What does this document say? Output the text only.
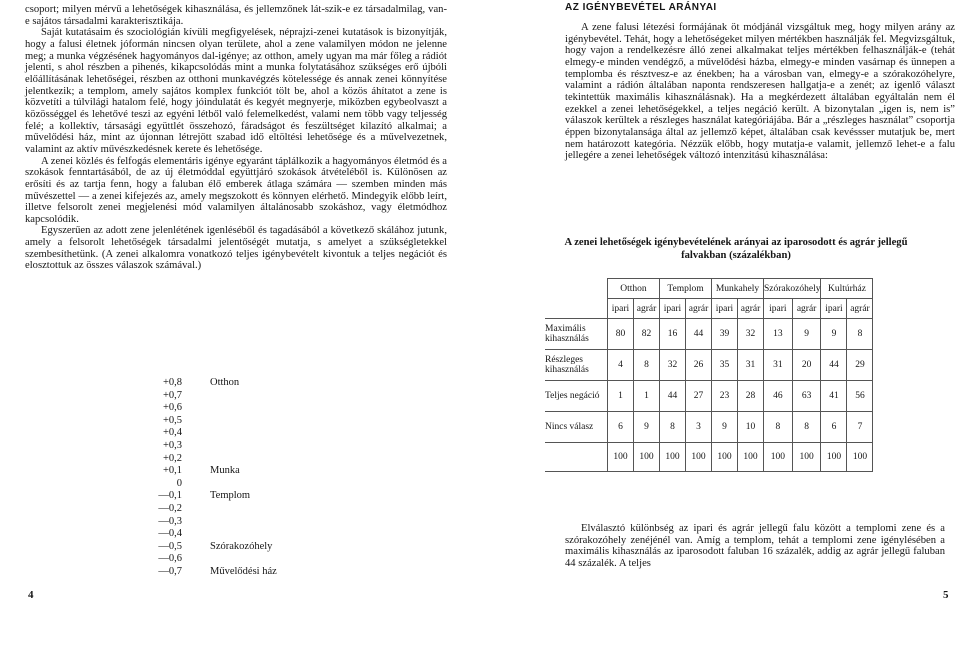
csoport; milyen mérvű a lehetőségek kihasználása, és jellemzőnek lát-szik-e ez társadalmilag, van-e sajátos társadalmi karakterisztikája.

Saját kutatásaim és szociológián kívüli megfigyelések, néprajzi-zenei kutatások is bizonyítják, hogy a falusi életnek jóformán nincsen olyan területe, ahol a zene valamilyen módon ne jelenne meg; a munka végzésének hagyományos dal-igénye; az otthon, amely ugyan ma már főleg a rádiót jelenti, s ahol részben a pihenés, kikapcsolódás mint a munka folytatásához szükséges erő újbóli előállításának lehetőségei, részben az otthoni munkavégzés kötelessége és annak zenei könnyítése jelentkezik; a templom, amely sajátos komplex funkciót tölt be, ahol a közös áhítatot a zene is közvetíti a túlvilági hatalom felé, hogy jóindulatát és kegyét megnyerje, miközben egybeolvaszt a közösséggel és lehetővé teszi az egyéni létből való felemelkedést, valami nem több vagy teljesség felé; a kollektív, társasági együttlét összehozó, fáradságot és feszültséget kilazító alkalmai; a művelődési ház, mint az újonnan létrejött szabad idő eltöltési lehetősége és a művelvezetnek, valamint az aktív művészkedésnek kerete és lehetősége.

A zenei közlés és felfogás elementáris igénye egyaránt táplálkozik a hagyományos életmód és a szokások fenntartásából, de az új életmóddal együttjáró szokások átvételéből is. Különösen az erősíti és az tartja fenn, hogy a faluban élő emberek átlaga számára — szemben minden más művészettel — a zenei kifejezés az, amely megszokott és könnyen elérhető. Mindegyik előbb leírt, illetve felsorolt zenei megjelenési mód valamilyen általánosabb szokáshoz, vagy életmódhoz kapcsolódik.

Egyszerűen az adott zene jelenlétének igenléséből és tagadásából a következő skálához jutunk, amely a felsorolt lehetőségek társadalmi jelentőségét mutatja, s amelyet a szükségletekkel szembesíthetünk. (A zenei alkalomra vonatkozó teljes igénybevételt kivontuk a teljes negációt és elosztottuk az összes válaszok számával.)

+0,8	Otthon
+0,7
+0,6
+0,5
+0,4
+0,3
+0,2
+0,1	Munka
0
—0,1	Templom
—0,2
—0,3
—0,4
—0,5	Szórakozóhely
—0,6
—0,7	Művelődési ház
4
AZ IGÉNYBEVÉTEL ARÁNYAI

A zene falusi létezési formájának öt módjánál vizsgáltuk meg, hogy milyen arány az igénybevétel. Tehát, hogy a lehetőségeket milyen mértékben használják fel. Megvizsgáltuk, hogy vajon a rendelkezésre álló zenei alkalmakat teljes mértékben felhasználják-e (tehát elmegy-e minden vendégző, a művelődési házba, elmegy-e minden vasárnap és ünnepen a templomba és résztvesz-e az énekben; ha a városban van, elmegy-e a szórakozóhelyre, valamint a rádión általában naponta rendszeresen hallgatja-e a zenét; az igenlő választ tekintettük maximális kihasználásnak). Ha a megkérdezett általában egyáltalán nem él ezekkel a zenei lehetőségekkel, a teljes negáció került. A bizonytalan „igen is, nem is” válaszok kerültek a részleges használat kategóriájába. Bár a „részleges használat” csoportja éppen bizonytalansága által az jellemző képet, általában csak kevéssser mutatjuk be, mert nem határozott kategória. Nézzük előbb, hogy mutatja-e valamit, jellemző lehet-e a falu jellegére a zenei lehetőségek változó intenzitású kihasználása:

A zenei lehetőségek igénybevételének arányai az iparosodott és agrár jellegű falvakban (százalékban)
	Otthon		Templom		Munkahely		Szórakozóhely		Kultúrház	
	ipari	agrár	ipari	agrár	ipari	agrár	ipari	agrár	ipari	agrár
Maximális kihasználás	80	82	16	44	39	32	13	9	9	8
Részleges kihasználás	4	8	32	26	35	31	31	20	44	29
Teljes negáció	1	1	44	27	23	28	46	63	41	56
Nincs válasz	6	9	8	3	9	10	8	8	6	7
	100	100	100	100	100	100	100	100	100	100

Elválasztó különbség az ipari és agrár jellegű falu között a templomi zene és a szórakozóhely zenéjénél van. Amíg a templom, tehát a templomi zene igénylésében a maximális kihasználás az iparosodott faluban 16 százalék, addig az agrár jellegű faluban 44 százalék. A teljes

5
